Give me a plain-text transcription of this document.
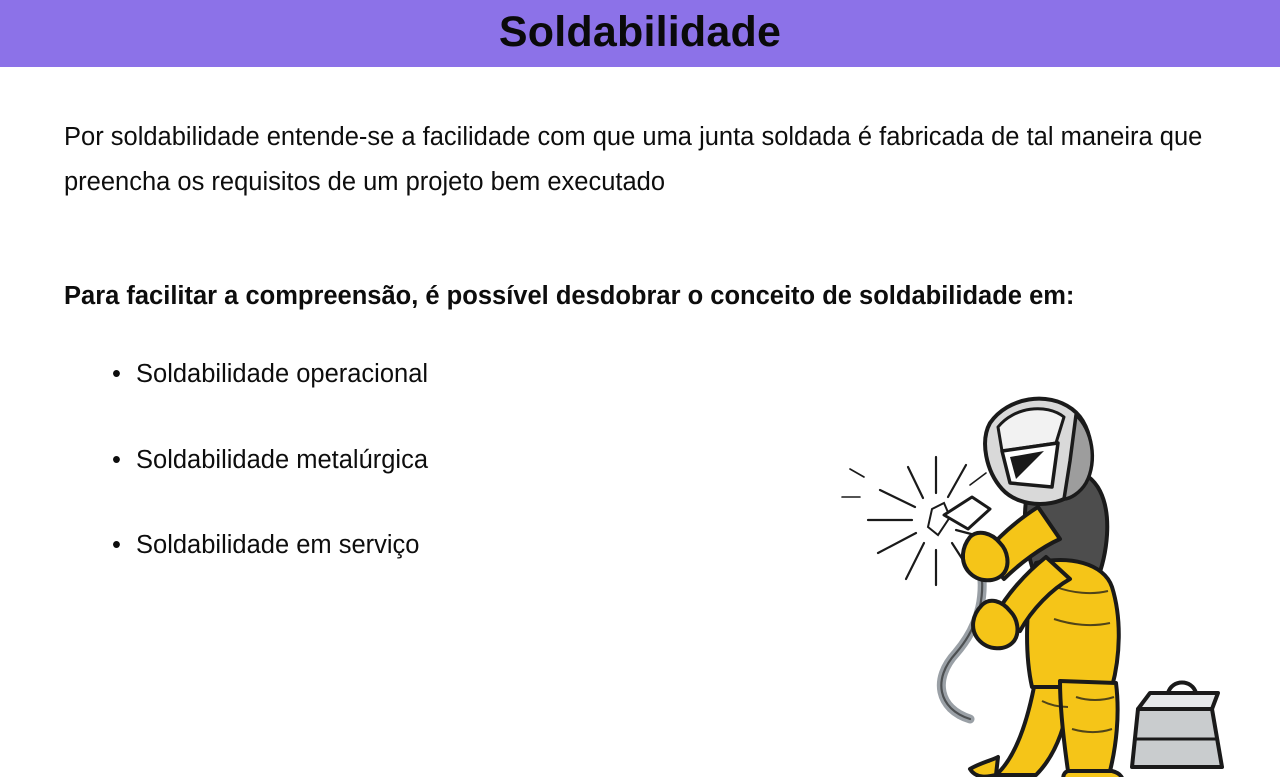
Soldabilidade
Por soldabilidade entende-se a facilidade com que uma junta soldada é fabricada de tal maneira que preencha os requisitos de um projeto bem executado
Para facilitar a compreensão, é possível desdobrar o conceito de soldabilidade em:
• Soldabilidade operacional
• Soldabilidade metalúrgica
• Soldabilidade em serviço
